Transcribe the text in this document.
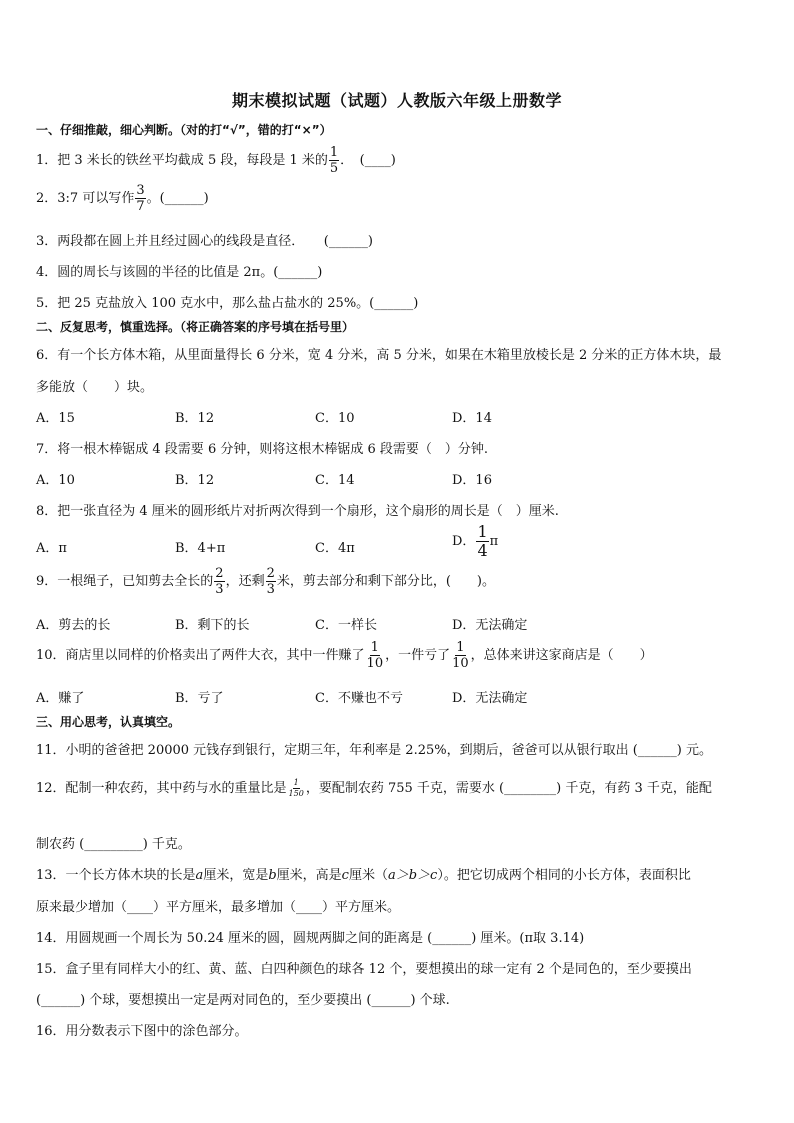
期末模拟试题（试题）人教版六年级上册数学
一、仔细推敲，细心判断。（对的打“√”，错的打“×”）
1．把 3 米长的铁丝平均截成 5 段，每段是 1 米的 $\frac{1}{5}$ ．　(____)
2．3:7 可以写作 $\frac{3}{7}$ 。(______)
3．两段都在圆上并且经过圆心的线段是直径．　　(______)
4．圆的周长与该圆的半径的比值是 2π。(______)
5．把 25 克盐放入 100 克水中，那么盐占盐水的 25%。(______)
二、反复思考，慎重选择。（将正确答案的序号填在括号里）
6．有一个长方体木箱，从里面量得长 6 分米，宽 4 分米，高 5 分米，如果在木箱里放棱长是 2 分米的正方体木块，最
多能放（　　）块。
A．15	B．12	C．10	D．14
7．将一根木棒锯成 4 段需要 6 分钟，则将这根木棒锯成 6 段需要（　）分钟.
A．10	B．12	C．14	D．16
8．把一张直径为 4 厘米的圆形纸片对折两次得到一个扇形，这个扇形的周长是（　）厘米.
A．π	B．4+π	C．4π	D． $\frac{1}{4}$ π
9．一根绳子，已知剪去全长的 $\frac{2}{3}$ ，还剩 $\frac{2}{3}$ 米，剪去部分和剩下部分比，(　　)。
A．剪去的长	B．剩下的长	C．一样长	D．无法确定
10．商店里以同样的价格卖出了两件大衣，其中一件赚了 $\frac{1}{10}$ ，一件亏了 $\frac{1}{10}$ ，总体来讲这家商店是（　　）
A．赚了	B．亏了	C．不赚也不亏	D．无法确定
三、用心思考，认真填空。
11．小明的爸爸把 20000 元钱存到银行，定期三年，年利率是 2.25%，到期后，爸爸可以从银行取出 (______) 元。
12．配制一种农药，其中药与水的重量比是 $\frac{1}{150}$ ，要配制农药 755 千克，需要水 (________) 千克，有药 3 千克，能配
制农药 (_________) 千克。
13．一个长方体木块的长是a厘米，宽是b厘米，高是c厘米（a＞b＞c）。把它切成两个相同的小长方体，表面积比
原来最少增加（____）平方厘米，最多增加（____）平方厘米。
14．用圆规画一个周长为 50.24 厘米的圆，圆规两脚之间的距离是 (______) 厘米。(π取 3.14)
15．盒子里有同样大小的红、黄、蓝、白四种颜色的球各 12 个，要想摸出的球一定有 2 个是同色的，至少要摸出
(______) 个球，要想摸出一定是两对同色的，至少要摸出 (______) 个球.
16．用分数表示下图中的涂色部分。
